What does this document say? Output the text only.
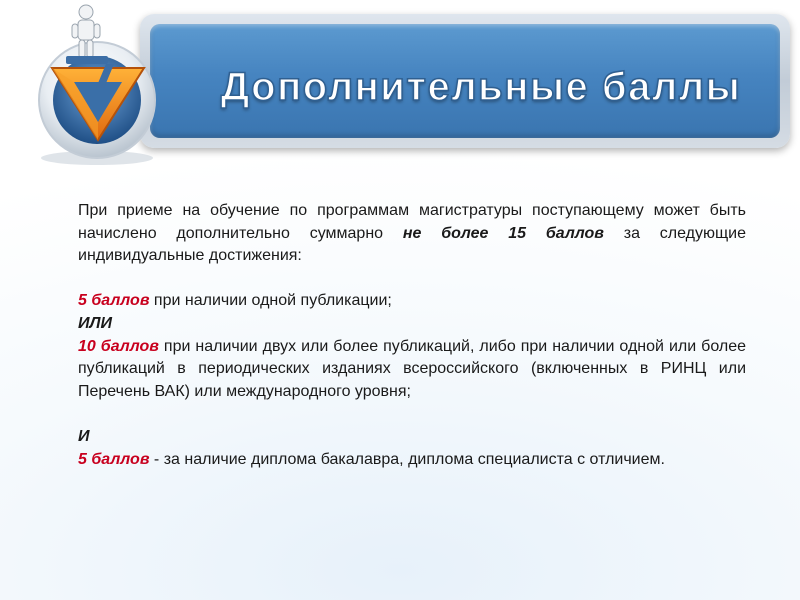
Дополнительные баллы

При приеме на обучение по программам магистратуры поступающему может быть начислено дополнительно суммарно не более 15 баллов за следующие индивидуальные достижения:

5 баллов при наличии одной публикации;

ИЛИ

10 баллов при наличии двух или более публикаций, либо при наличии одной или более публикаций в периодических изданиях всероссийского (включенных в РИНЦ или Перечень ВАК) или международного уровня;

И

5 баллов - за наличие диплома бакалавра, диплома специалиста с отличием.
